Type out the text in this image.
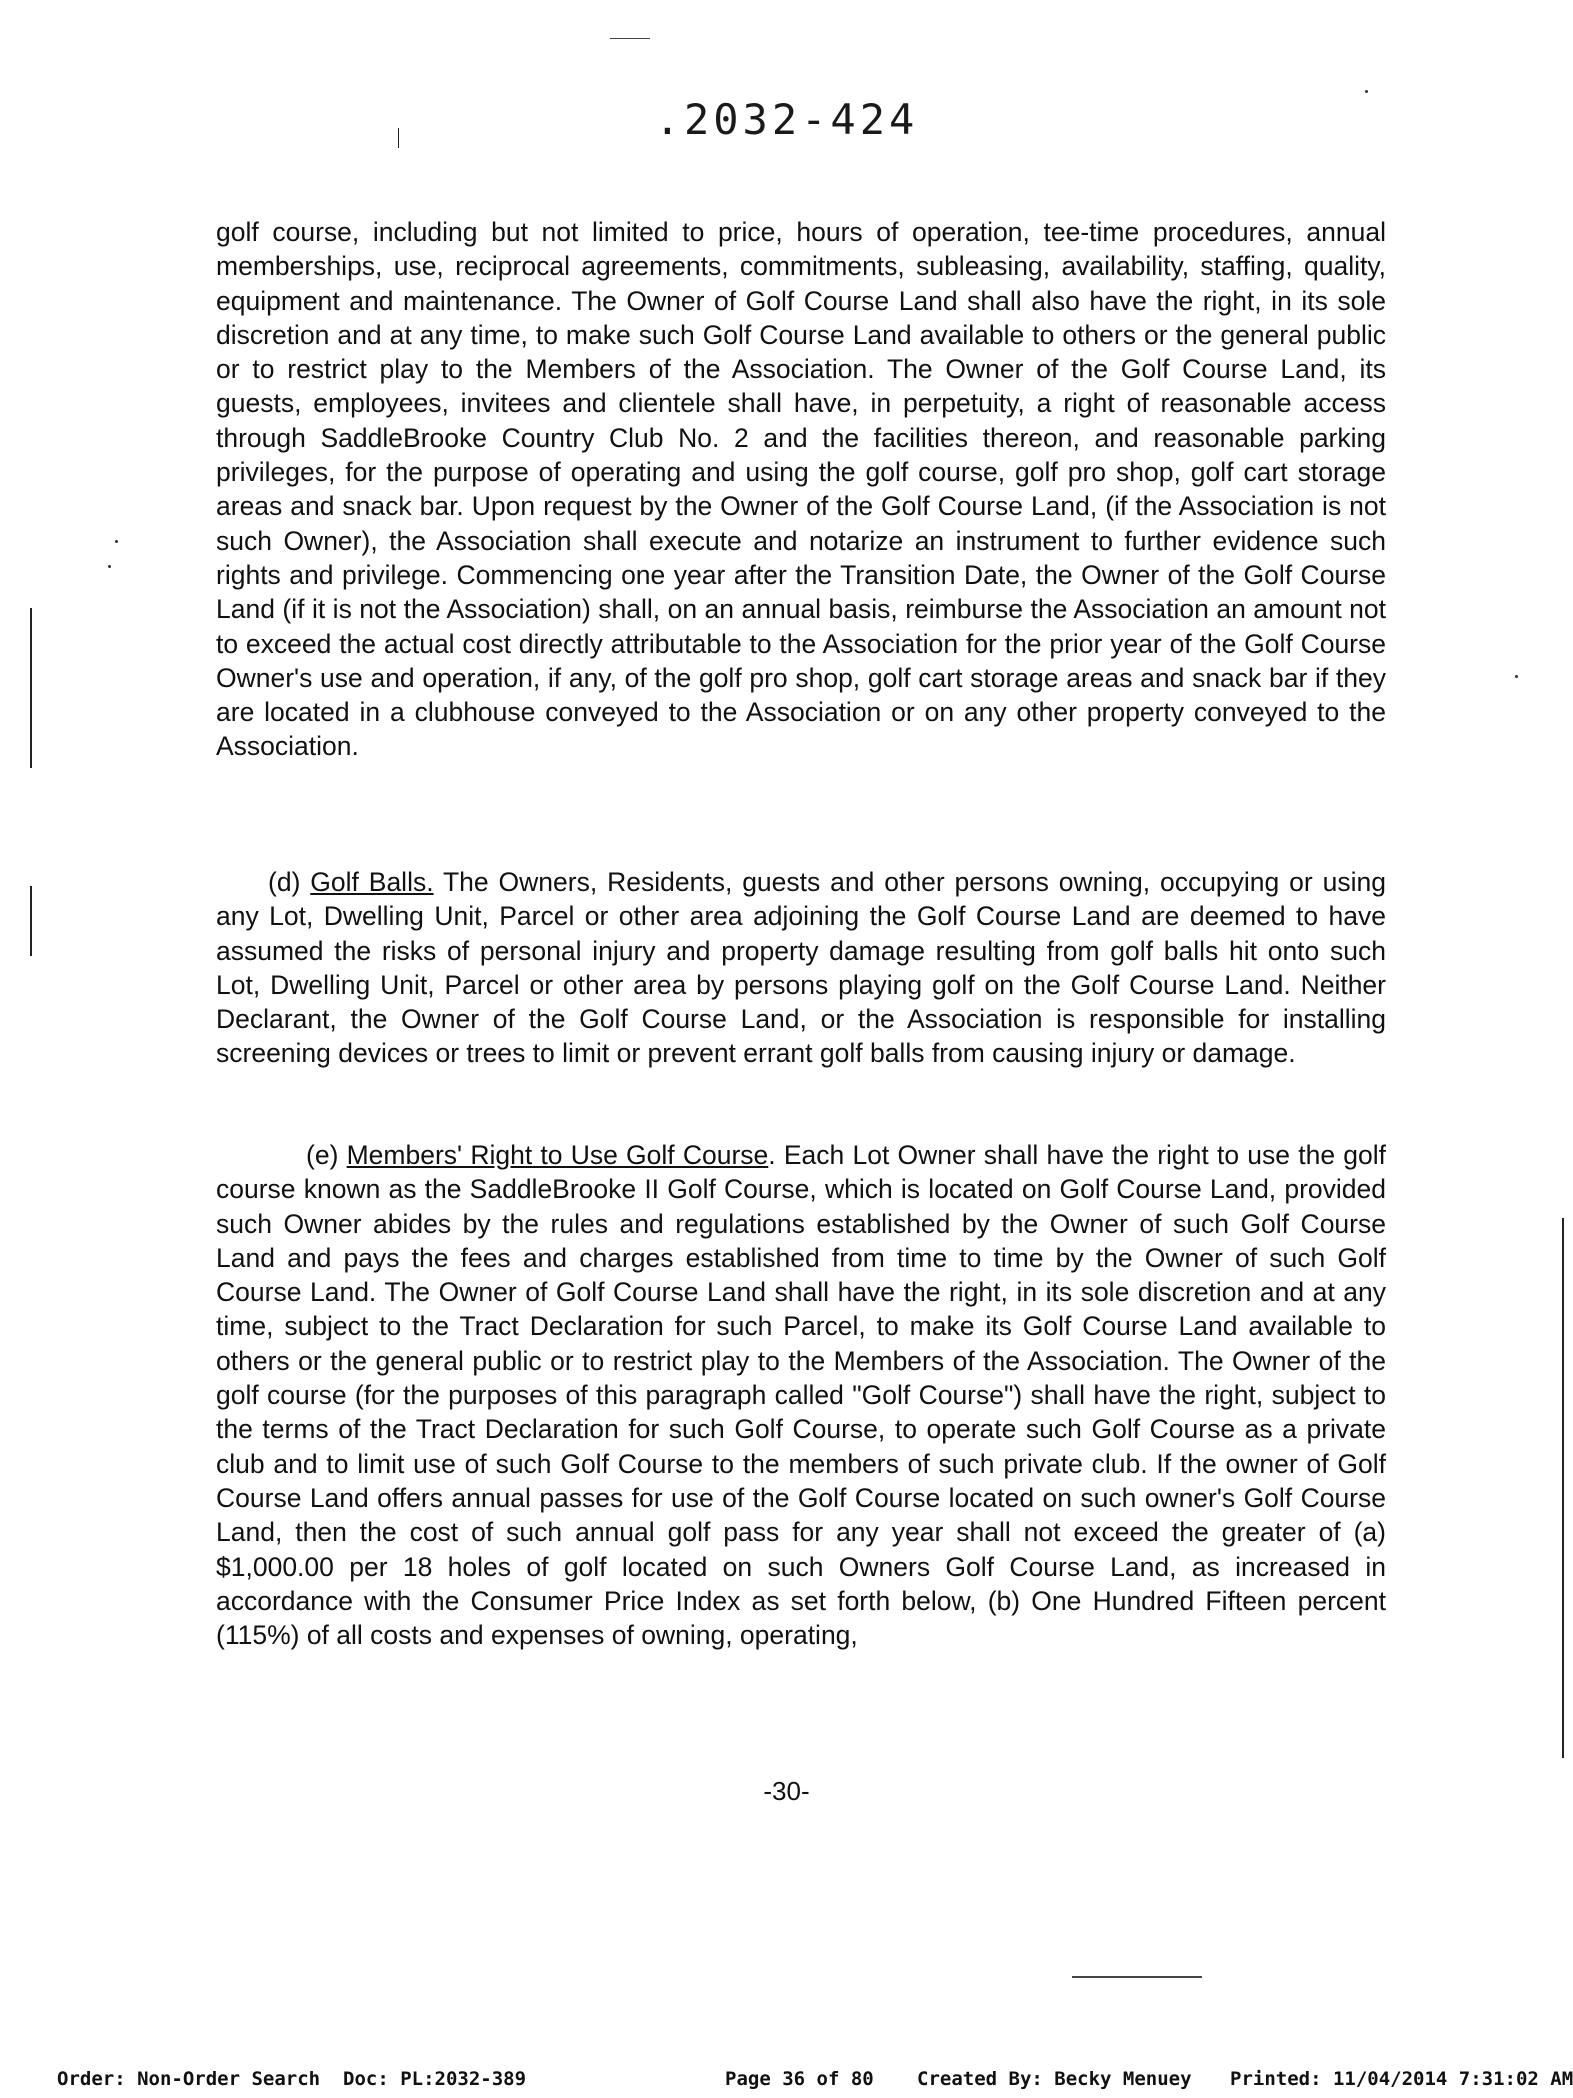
.2032-424

golf course, including but not limited to price, hours of operation, tee-time procedures, annual memberships, use, reciprocal agreements, commitments, subleasing, availability, staffing, quality, equipment and maintenance. The Owner of Golf Course Land shall also have the right, in its sole discretion and at any time, to make such Golf Course Land available to others or the general public or to restrict play to the Members of the Association. The Owner of the Golf Course Land, its guests, employees, invitees and clientele shall have, in perpetuity, a right of reasonable access through SaddleBrooke Country Club No. 2 and the facilities thereon, and reasonable parking privileges, for the purpose of operating and using the golf course, golf pro shop, golf cart storage areas and snack bar. Upon request by the Owner of the Golf Course Land, (if the Association is not such Owner), the Association shall execute and notarize an instrument to further evidence such rights and privilege. Commencing one year after the Transition Date, the Owner of the Golf Course Land (if it is not the Association) shall, on an annual basis, reimburse the Association an amount not to exceed the actual cost directly attributable to the Association for the prior year of the Golf Course Owner's use and operation, if any, of the golf pro shop, golf cart storage areas and snack bar if they are located in a clubhouse conveyed to the Association or on any other property conveyed to the Association.

(d) Golf Balls. The Owners, Residents, guests and other persons owning, occupying or using any Lot, Dwelling Unit, Parcel or other area adjoining the Golf Course Land are deemed to have assumed the risks of personal injury and property damage resulting from golf balls hit onto such Lot, Dwelling Unit, Parcel or other area by persons playing golf on the Golf Course Land. Neither Declarant, the Owner of the Golf Course Land, or the Association is responsible for installing screening devices or trees to limit or prevent errant golf balls from causing injury or damage.

(e) Members' Right to Use Golf Course. Each Lot Owner shall have the right to use the golf course known as the SaddleBrooke II Golf Course, which is located on Golf Course Land, provided such Owner abides by the rules and regulations established by the Owner of such Golf Course Land and pays the fees and charges established from time to time by the Owner of such Golf Course Land. The Owner of Golf Course Land shall have the right, in its sole discretion and at any time, subject to the Tract Declaration for such Parcel, to make its Golf Course Land available to others or the general public or to restrict play to the Members of the Association. The Owner of the golf course (for the purposes of this paragraph called "Golf Course") shall have the right, subject to the terms of the Tract Declaration for such Golf Course, to operate such Golf Course as a private club and to limit use of such Golf Course to the members of such private club. If the owner of Golf Course Land offers annual passes for use of the Golf Course located on such owner's Golf Course Land, then the cost of such annual golf pass for any year shall not exceed the greater of (a) $1,000.00 per 18 holes of golf located on such Owners Golf Course Land, as increased in accordance with the Consumer Price Index as set forth below, (b) One Hundred Fifteen percent (115%) of all costs and expenses of owning, operating,

-30-
Order: Non-Order Search Doc: PL:2032-389	Page 36 of 80 Created By: Becky Menuey Printed: 11/04/2014 7:31:02 AM
